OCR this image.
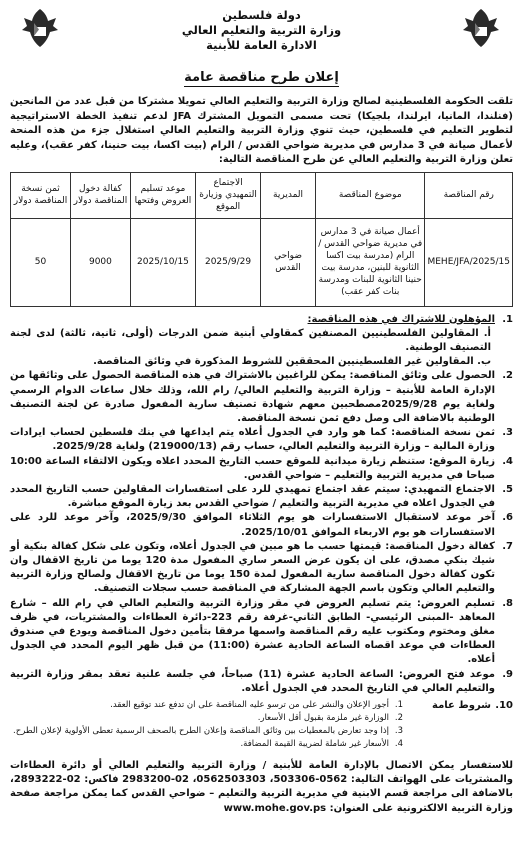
دولة فلسطين
وزارة التربية والتعليم العالي
الادارة العامة للأبنية
إعلان طرح مناقصة عامة

تلقت الحكومة الفلسطينية لصالح وزارة التربية والتعليم العالي تمويلا مشتركا من قبل عدد من المانحين (فنلندا، المانيا، ايرلندا، بلجيكا) تحت مسمى التمويل المشترك JFA لدعم تنفيذ الخطة الاستراتيجية لتطوير التعليم في فلسطين، حيث تنوي وزارة التربية والتعليم العالي استغلال جزء من هذه المنحة لأعمال صيانة في 3 مدارس في مديرية ضواحي القدس / الرام (بيت اكسا، بيت حنينا، كفر عقب)، وعليه تعلن وزارة التربية والتعليم العالي عن طرح المناقصة التالية:

رقم المناقصة	موضوع المناقصة	المديرية	الاجتماع التمهيدي وزيارة الموقع	موعد تسليم العروض وفتحها	كفالة دخول المناقصة دولار	ثمن نسخة المناقصة دولار
MEHE/JFA/2025/15	أعمال صيانة في 3 مدارس في مديرية ضواحي القدس / الرام (مدرسة بيت اكسا الثانوية للبنين، مدرسة بيت حنينا الثانوية للبنات ومدرسة بنات كفر عقب)	ضواحي القدس	2025/9/29	2025/10/15	9000	50
1.
المؤهلون للاشتراك في هذه المناقصة:
أ. المقاولين الفلسطينيين المصنفين كمقاولي أبنية ضمن الدرجات (أولى، ثانية، ثالثة) لدى لجنة التصنيف الوطنية.
ب. المقاولين غير الفلسطينيين المحققين للشروط المذكورة في وثائق المناقصة.
2.
الحصول على وثائق المناقصة: يمكن للراغبين بالاشتراك في هذه المناقصة الحصول على وثائقها من الإدارة العامة للأبنية – وزارة التربية والتعليم العالي/ رام الله، وذلك خلال ساعات الدوام الرسمي ولغاية يوم 2025/9/28مصطحبين معهم شهادة تصنيف سارية المفعول صادرة عن لجنة التصنيف الوطنية بالاضافة الى وصل دفع ثمن نسخة المناقصة.
3.
ثمن نسخة المناقصة: كما هو وارد في الجدول أعلاه يتم ايداعها في بنك فلسطين لحساب ايرادات وزارة المالية – وزارة التربية والتعليم العالي، حساب رقم (219000/13) ولغاية 2025/9/28.
4.
زيارة الموقع: ستنظم زيارة ميدانية للموقع حسب التاريخ المحدد اعلاه ويكون الالتقاء الساعة 10:00 صباحا في مديرية التربية والتعليم – ضواحي القدس.
5.
الاجتماع التمهيدي: سيتم عقد اجتماع تمهيدي للرد على استفسارات المقاولين حسب التاريخ المحدد في الجدول اعلاه في مديرية التربية والتعليم / ضواحي القدس بعد زيارة الموقع مباشرة.
6.
آخر موعد لاستقبال الاستفسارات هو يوم الثلاثاء الموافق 2025/9/30، وآخر موعد للرد على الاستفسارات هو يوم الاربعاء الموافق 2025/10/01.
7.
كفالة دخول المناقصة: قيمتها حسب ما هو مبين في الجدول أعلاه، وتكون على شكل كفالة بنكية أو شيك بنكي مصدق، على ان يكون عرض السعر ساري المفعول مدة 120 يوما من تاريخ الاقفال وان تكون كفالة دخول المناقصة سارية المفعول لمدة 150 يوما من تاريخ الاقفال ولصالح وزارة التربية والتعليم العالي وتكون باسم الجهة المشاركة في المناقصة حسب سجلات التصنيف.
8.
تسليم العروض: يتم تسليم العروض في مقر وزارة التربية والتعليم العالي في رام الله – شارع المعاهد -المبنى الرئيسي- الطابق الثاني-غرفة رقم 223-دائرة العطاءات والمشتريات، في ظرف مغلق ومختوم ومكتوب عليه رقم المناقصة واسمها مرفقا بتأمين دخول المناقصة ويودع في صندوق العطاءات في موعد اقصاه الساعة الحادية عشرة (11:00) من قبل ظهر اليوم المحدد في الجدول أعلاه.
9.
موعد فتح العروض: الساعة الحادية عشرة (11) صباحاً، في جلسة علنية تعقد بمقر وزارة التربية والتعليم العالي في التاريخ المحدد في الجدول أعلاه.
10.
شروط عامة
1.
أجور الإعلان والنشر على من ترسو عليه المناقصة على ان تدفع عند توقيع العقد.
2.
الوزارة غير ملزمة بقبول أقل الأسعار.
3.
إذا وجد تعارض بالمعطيات بين وثائق المناقصة وإعلان الطرح بالصحف الرسمية تعطى الأولوية لإعلان الطرح.
4.
الأسعار غير شاملة لضريبة القيمة المضافة.

للاستفسار يمكن الاتصال بالإدارة العامة للأبنية / وزارة التربية والتعليم العالي أو دائرة العطاءات والمشتريات على الهواتف التالية: 0562-503306، 0562503303، 02-2983200 فاكس: 02-2893222، بالاضافة الى مراجعة قسم الابنية في مديرية التربية والتعليم – ضواحي القدس كما يمكن مراجعة صفحة وزارة التربية الالكترونية على العنوان: www.mohe.gov.ps
